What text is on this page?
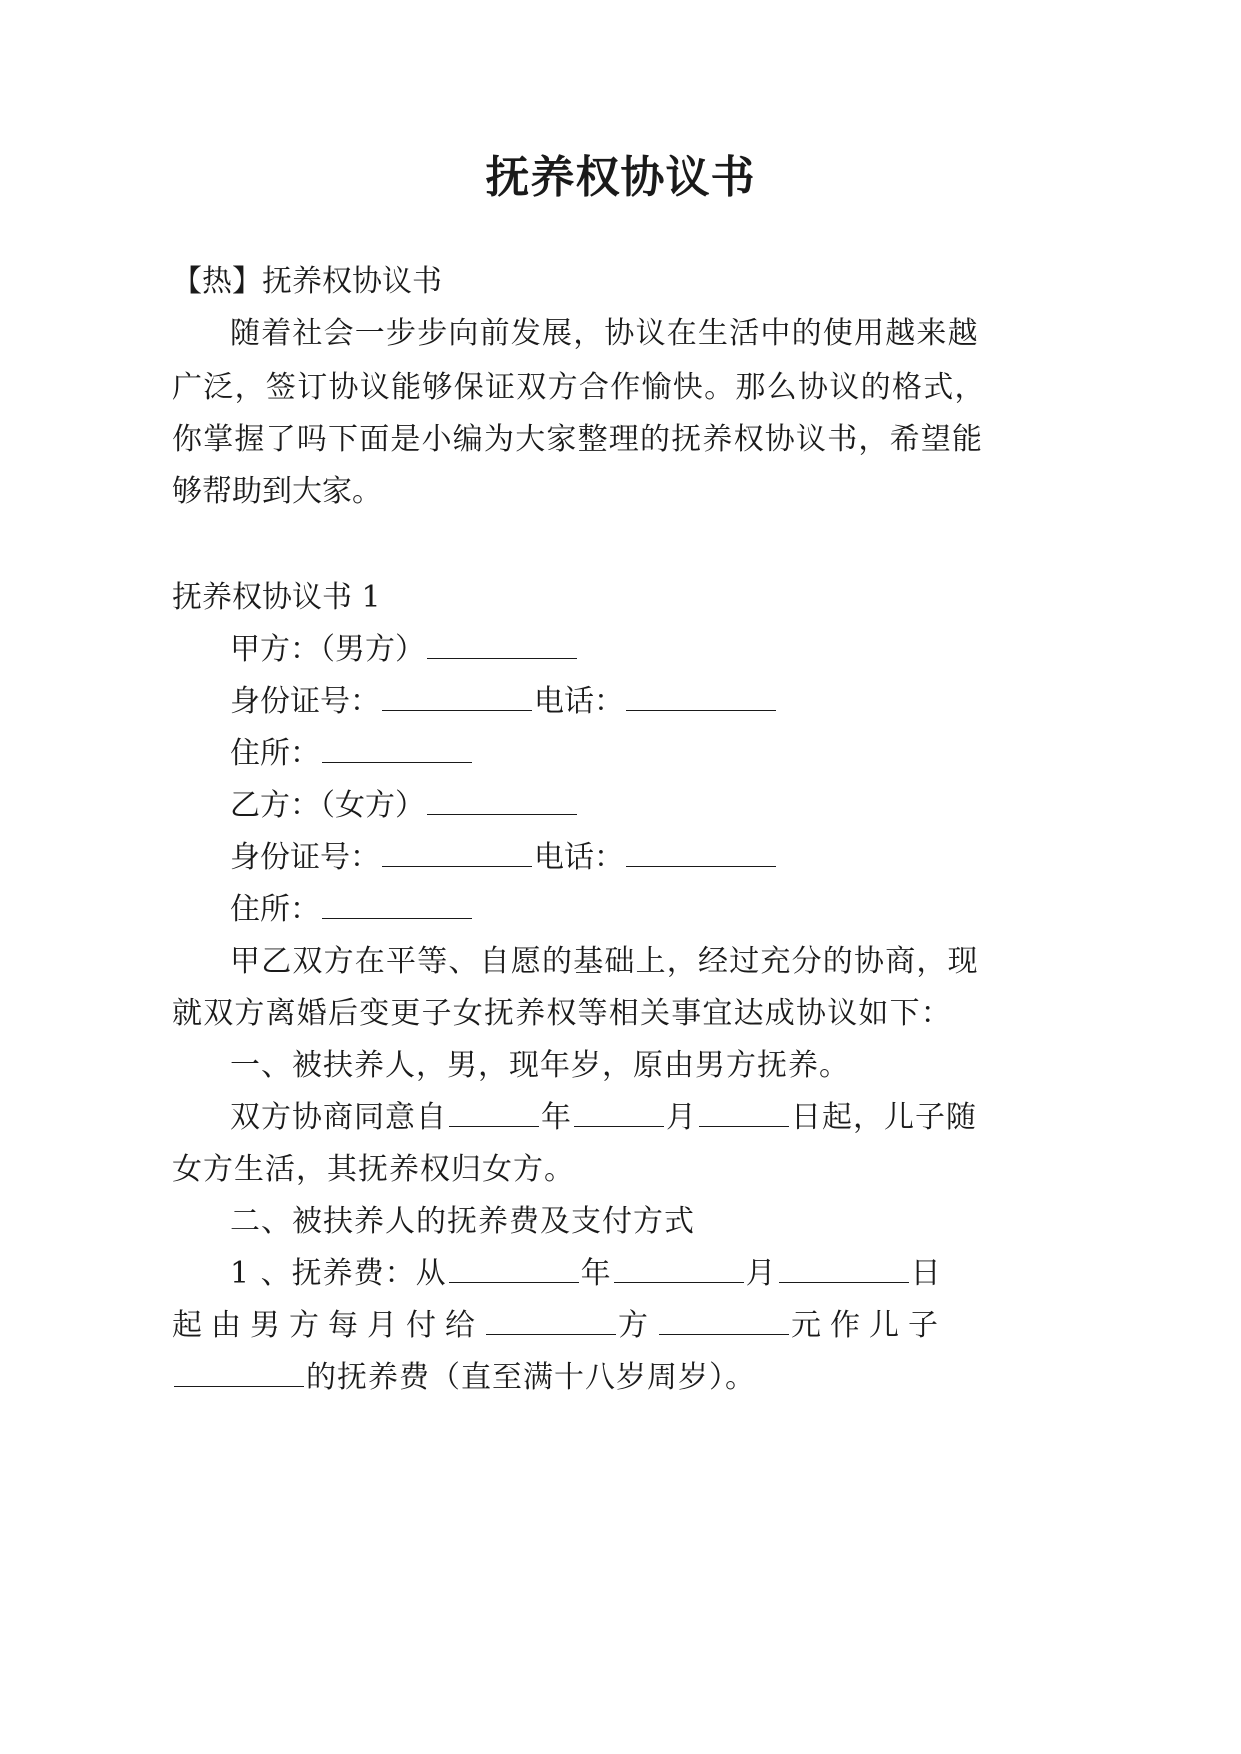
抚养权协议书
【热】抚养权协议书
随着社会一步步向前发展，协议在生活中的使用越来越
广泛，签订协议能够保证双方合作愉快。那么协议的格式，
你掌握了吗下面是小编为大家整理的抚养权协议书，希望能
够帮助到大家。
抚养权协议书 1
甲方：（男方）
身份证号：	电话：
住所：
乙方：（女方）
身份证号：	电话：
住所：
甲乙双方在平等、自愿的基础上，经过充分的协商，现
就双方离婚后变更子女抚养权等相关事宜达成协议如下：
一、被扶养人，男，现年岁，原由男方抚养。
双方协商同意自	年	月	日起，儿子随
女方生活，其抚养权归女方。
二、被扶养人的抚养费及支付方式
1 、抚养费：从	年	月	日
起由男方每月付给	方	元作儿子
的抚养费（直至满十八岁周岁）。
